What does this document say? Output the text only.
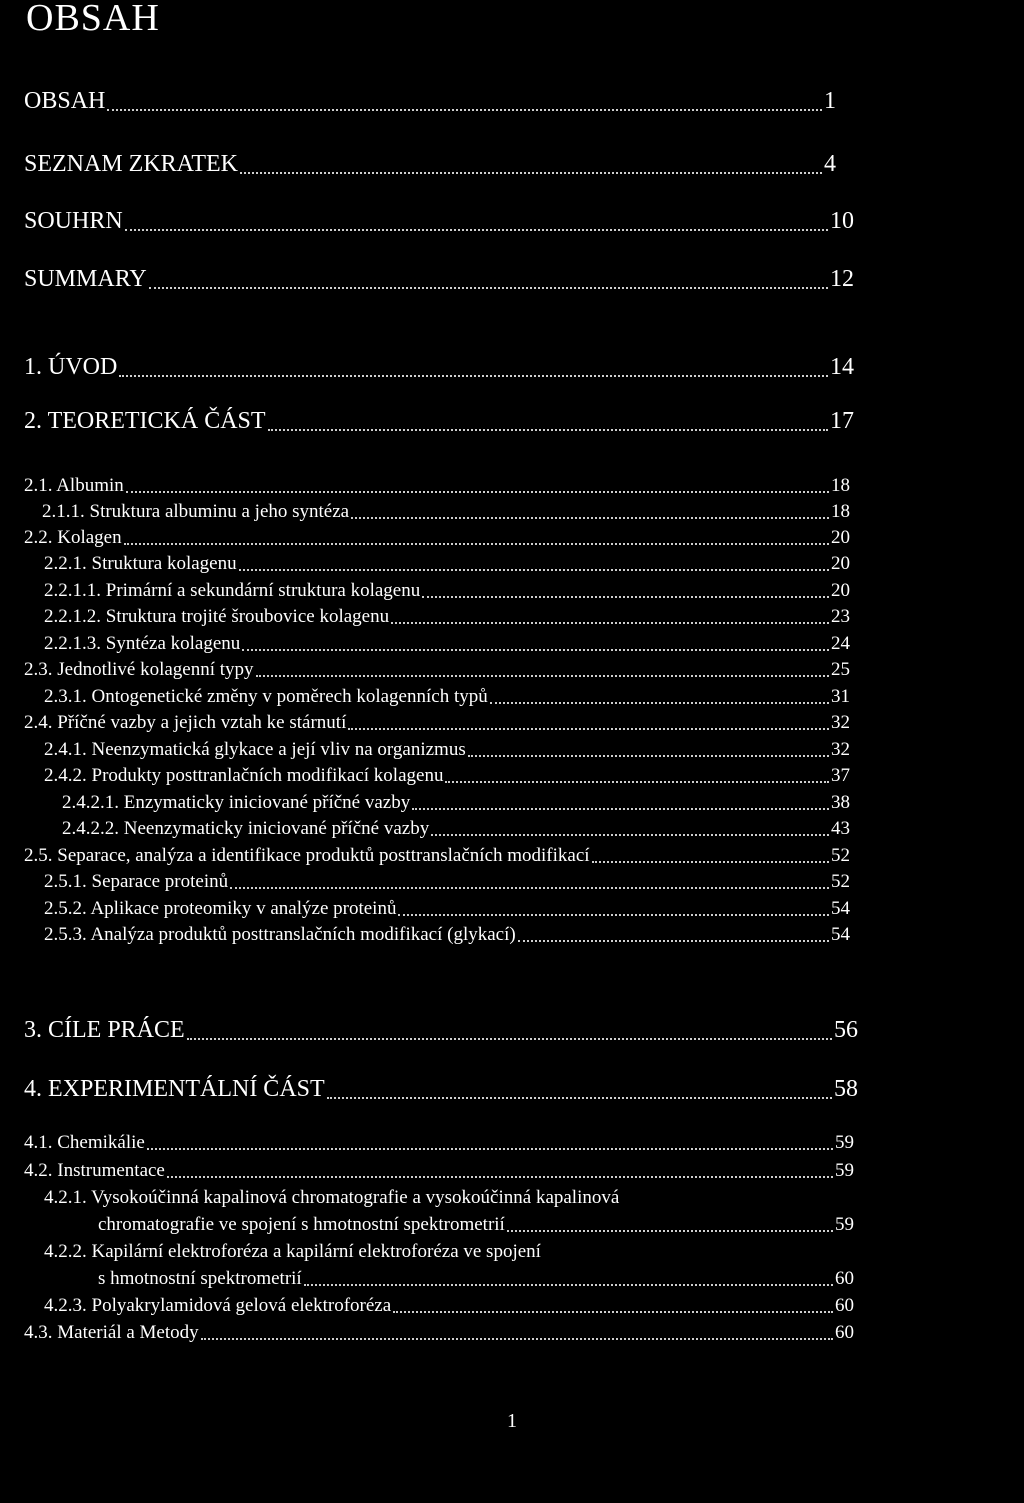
OBSAH
OBSAH	1
SEZNAM ZKRATEK	4
SOUHRN	10
SUMMARY	12
1. ÚVOD	14
2. TEORETICKÁ ČÁST	17
2.1. Albumin	18
2.1.1. Struktura albuminu a jeho syntéza	18
2.2. Kolagen	20
2.2.1. Struktura kolagenu	20
2.2.1.1. Primární a sekundární struktura kolagenu	20
2.2.1.2. Struktura trojité šroubovice kolagenu	23
2.2.1.3. Syntéza kolagenu	24
2.3. Jednotlivé kolagenní typy	25
2.3.1. Ontogenetické změny v poměrech kolagenních typů	31
2.4. Příčné vazby a jejich vztah ke stárnutí	32
2.4.1. Neenzymatická glykace a její vliv na organizmus	32
2.4.2. Produkty posttranlačních modifikací kolagenu	37
2.4.2.1. Enzymaticky iniciované příčné vazby	38
2.4.2.2. Neenzymaticky iniciované příčné vazby	43
2.5. Separace, analýza a identifikace produktů posttranslačních modifikací	52
2.5.1. Separace proteinů	52
2.5.2. Aplikace proteomiky v analýze proteinů	54
2.5.3. Analýza produktů posttranslačních modifikací (glykací)	54
3. CÍLE PRÁCE	56
4. EXPERIMENTÁLNÍ ČÁST	58
4.1. Chemikálie	59
4.2. Instrumentace	59
4.2.1. Vysokoúčinná kapalinová chromatografie a vysokoúčinná kapalinová
chromatografie ve spojení s hmotnostní spektrometrií	59
4.2.2. Kapilární elektroforéza a kapilární elektroforéza ve spojení
s hmotnostní spektrometrií	60
4.2.3. Polyakrylamidová gelová elektroforéza	60
4.3. Materiál a Metody	60
1
